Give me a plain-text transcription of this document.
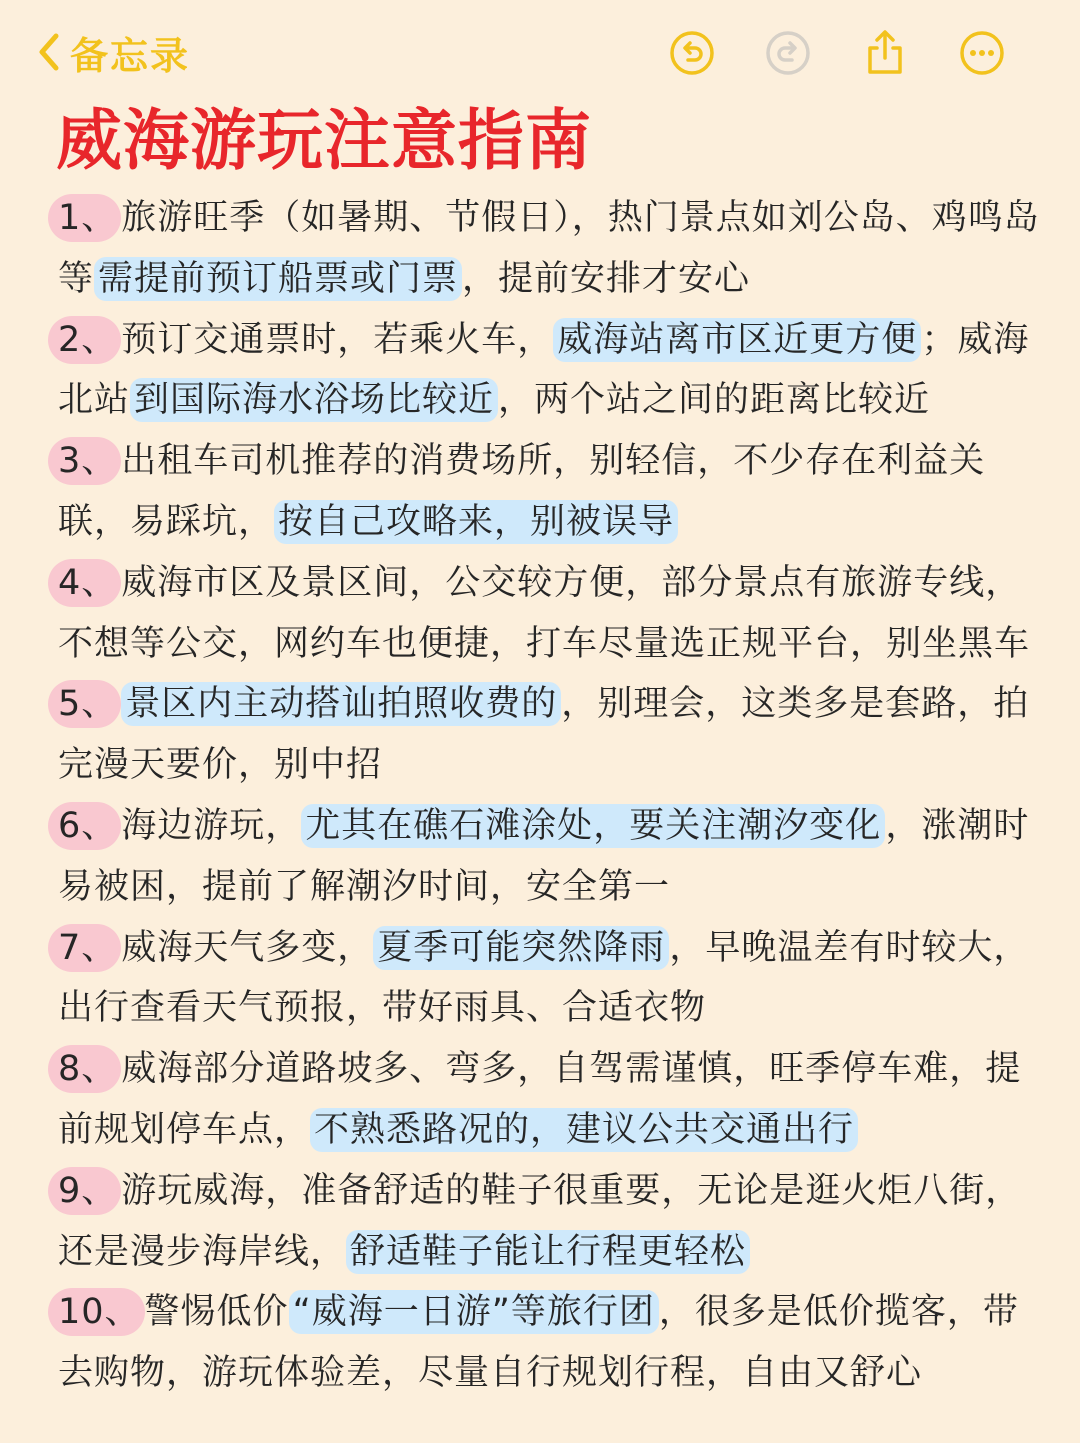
备忘录
威海游玩注意指南
1、 旅游旺季（如暑期、节假日），热门景点如刘公岛、鸡鸣岛等 需提前预订船票或门票 ，提前安排才安心
2、 预订交通票时，若乘火车， 威海站离市区近更方便 ；威海北站 到国际海水浴场比较近 ，两个站之间的距离比较近
3、 出租车司机推荐的消费场所，别轻信，不少存在利益关联，易踩坑， 按自己攻略来，别被误导
4、 威海市区及景区间，公交较方便，部分景点有旅游专线，不想等公交，网约车也便捷，打车尽量选正规平台，别坐黑车
5、 景区内主动搭讪拍照收费的 ，别理会，这类多是套路，拍完漫天要价，别中招
6、 海边游玩， 尤其在礁石滩涂处，要关注潮汐变化 ，涨潮时易被困，提前了解潮汐时间，安全第一
7、 威海天气多变， 夏季可能突然降雨 ，早晚温差有时较大，出行查看天气预报，带好雨具、合适衣物
8、 威海部分道路坡多、弯多，自驾需谨慎，旺季停车难，提前规划停车点， 不熟悉路况的，建议公共交通出行
9、 游玩威海，准备舒适的鞋子很重要，无论是逛火炬八街，还是漫步海岸线， 舒适鞋子能让行程更轻松
10、 警惕低价 “威海一日游”等旅行团 ，很多是低价揽客，带去购物，游玩体验差，尽量自行规划行程，自由又舒心
